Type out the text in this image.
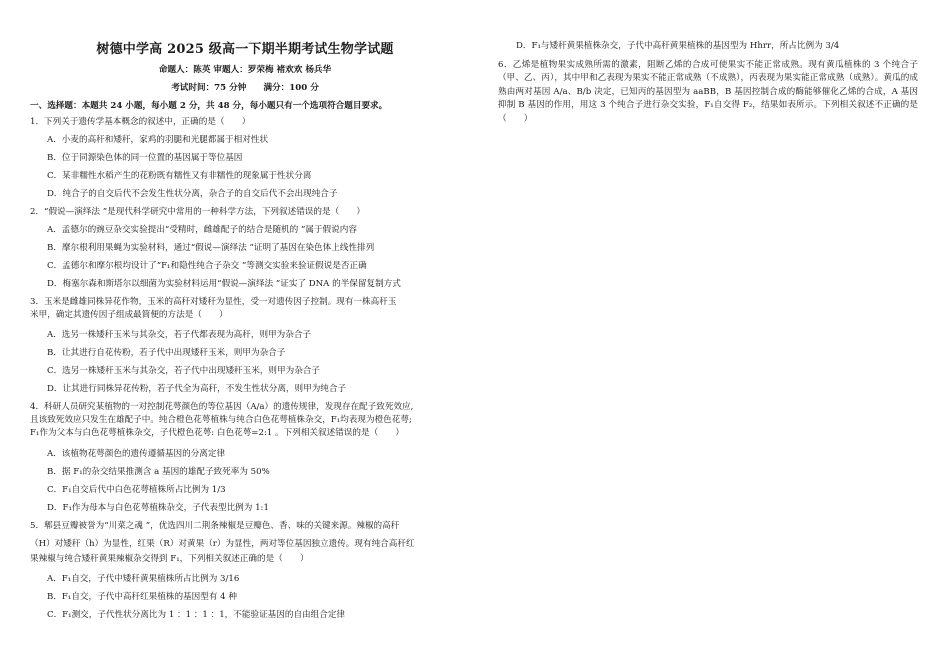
树德中学高 2025 级高一下期半期考试生物学试题
命题人：陈英 审题人：罗荣梅 褚欢欢 杨兵华
考试时间：75 分钟　　满分：100 分
一、选择题：本题共 24 小题，每小题 2 分，共 48 分，每小题只有一个选项符合题目要求。
1．下列关于遗传学基本概念的叙述中，正确的是（　　）
A．小麦的高秆和矮秆，家鸡的羽腿和光腿都属于相对性状
B．位于同源染色体的同一位置的基因属于等位基因
C．某非糯性水稻产生的花粉既有糯性又有非糯性的现象属于性状分离
D．纯合子的自交后代不会发生性状分离，杂合子的自交后代不会出现纯合子
2．“假说—演绎法 ”是现代科学研究中常用的一种科学方法，下列叙述错误的是（　　）
A．孟德尔的豌豆杂交实验提出“受精时，雌雄配子的结合是随机的 ”属于假说内容
B．摩尔根利用果蝇为实验材料，通过“假说—演绎法 ”证明了基因在染色体上线性排列
C．孟德尔和摩尔根均设计了“F₁和隐性纯合子杂交 ”等测交实验来验证假说是否正确
D．梅塞尔森和斯塔尔以细菌为实验材料运用“假说—演绎法 ”证实了 DNA 的半保留复制方式
3．玉米是雌雄同株异花作物，玉米的高秆对矮秆为显性，受一对遗传因子控制。现有一株高秆玉
米甲，确定其遗传因子组成最简便的方法是（　　）
A．选另一株矮秆玉米与其杂交，若子代都表现为高秆，则甲为杂合子
B．让其进行自花传粉，若子代中出现矮秆玉米，则甲为杂合子
C．选另一株矮秆玉米与其杂交，若子代中出现矮秆玉米，则甲为杂合子
D．让其进行同株异花传粉，若子代全为高秆，不发生性状分离，则甲为纯合子
4．科研人员研究某植物的一对控制花萼颜色的等位基因（A/a）的遗传规律，发现存在配子致死效应,
且该致死效应只发生在雄配子中。纯合橙色花萼植株与纯合白色花萼植株杂交，F₁均表现为橙色花萼;
F₁作为父本与白色花萼植株杂交，子代橙色花萼: 白色花萼=2:1 。下列相关叙述错误的是（　　）
A．该植物花萼颜色的遗传遵循基因的分离定律
B．据 F₁的杂交结果推测含 a 基因的雄配子致死率为 50%
C．F₁自交后代中白色花萼植株所占比例为 1/3
D．F₁作为母本与白色花萼植株杂交，子代表型比例为 1:1
5．郫县豆瓣被誉为“川菜之魂 ”，优选四川二荆条辣椒是豆瓣色、香、味的关键来源。辣椒的高秆
（H）对矮秆（h）为显性，红果（R）对黄果（r）为显性，两对等位基因独立遗传。现有纯合高秆红
果辣椒与纯合矮秆黄果辣椒杂交得到 F₁，下列相关叙述正确的是（　　）
A．F₁自交，子代中矮秆黄果植株所占比例为 3/16
B．F₁自交，子代中高秆红果植株的基因型有 4 种
C．F₁测交，子代性状分离比为 1 ：1 ：1 ：1，不能验证基因的自由组合定律
D．F₁与矮秆黄果植株杂交，子代中高秆黄果植株的基因型为 Hhrr，所占比例为 3/4
6．乙烯是植物果实成熟所需的激素，阻断乙烯的合成可使果实不能正常成熟。现有黄瓜植株的 3 个纯合子（甲、乙、丙），其中甲和乙表现为果实不能正常成熟（不成熟），丙表现为果实能正常成熟（成熟）。黄瓜的成熟由两对基因 A/a、B/b 决定，已知丙的基因型为 aaBB，B 基因控制合成的酶能够催化乙烯的合成，A 基因抑制 B 基因的作用，用这 3 个纯合子进行杂交实验，F₁自交得 F₂，结果如表所示。下列相关叙述不正确的是（　　）
